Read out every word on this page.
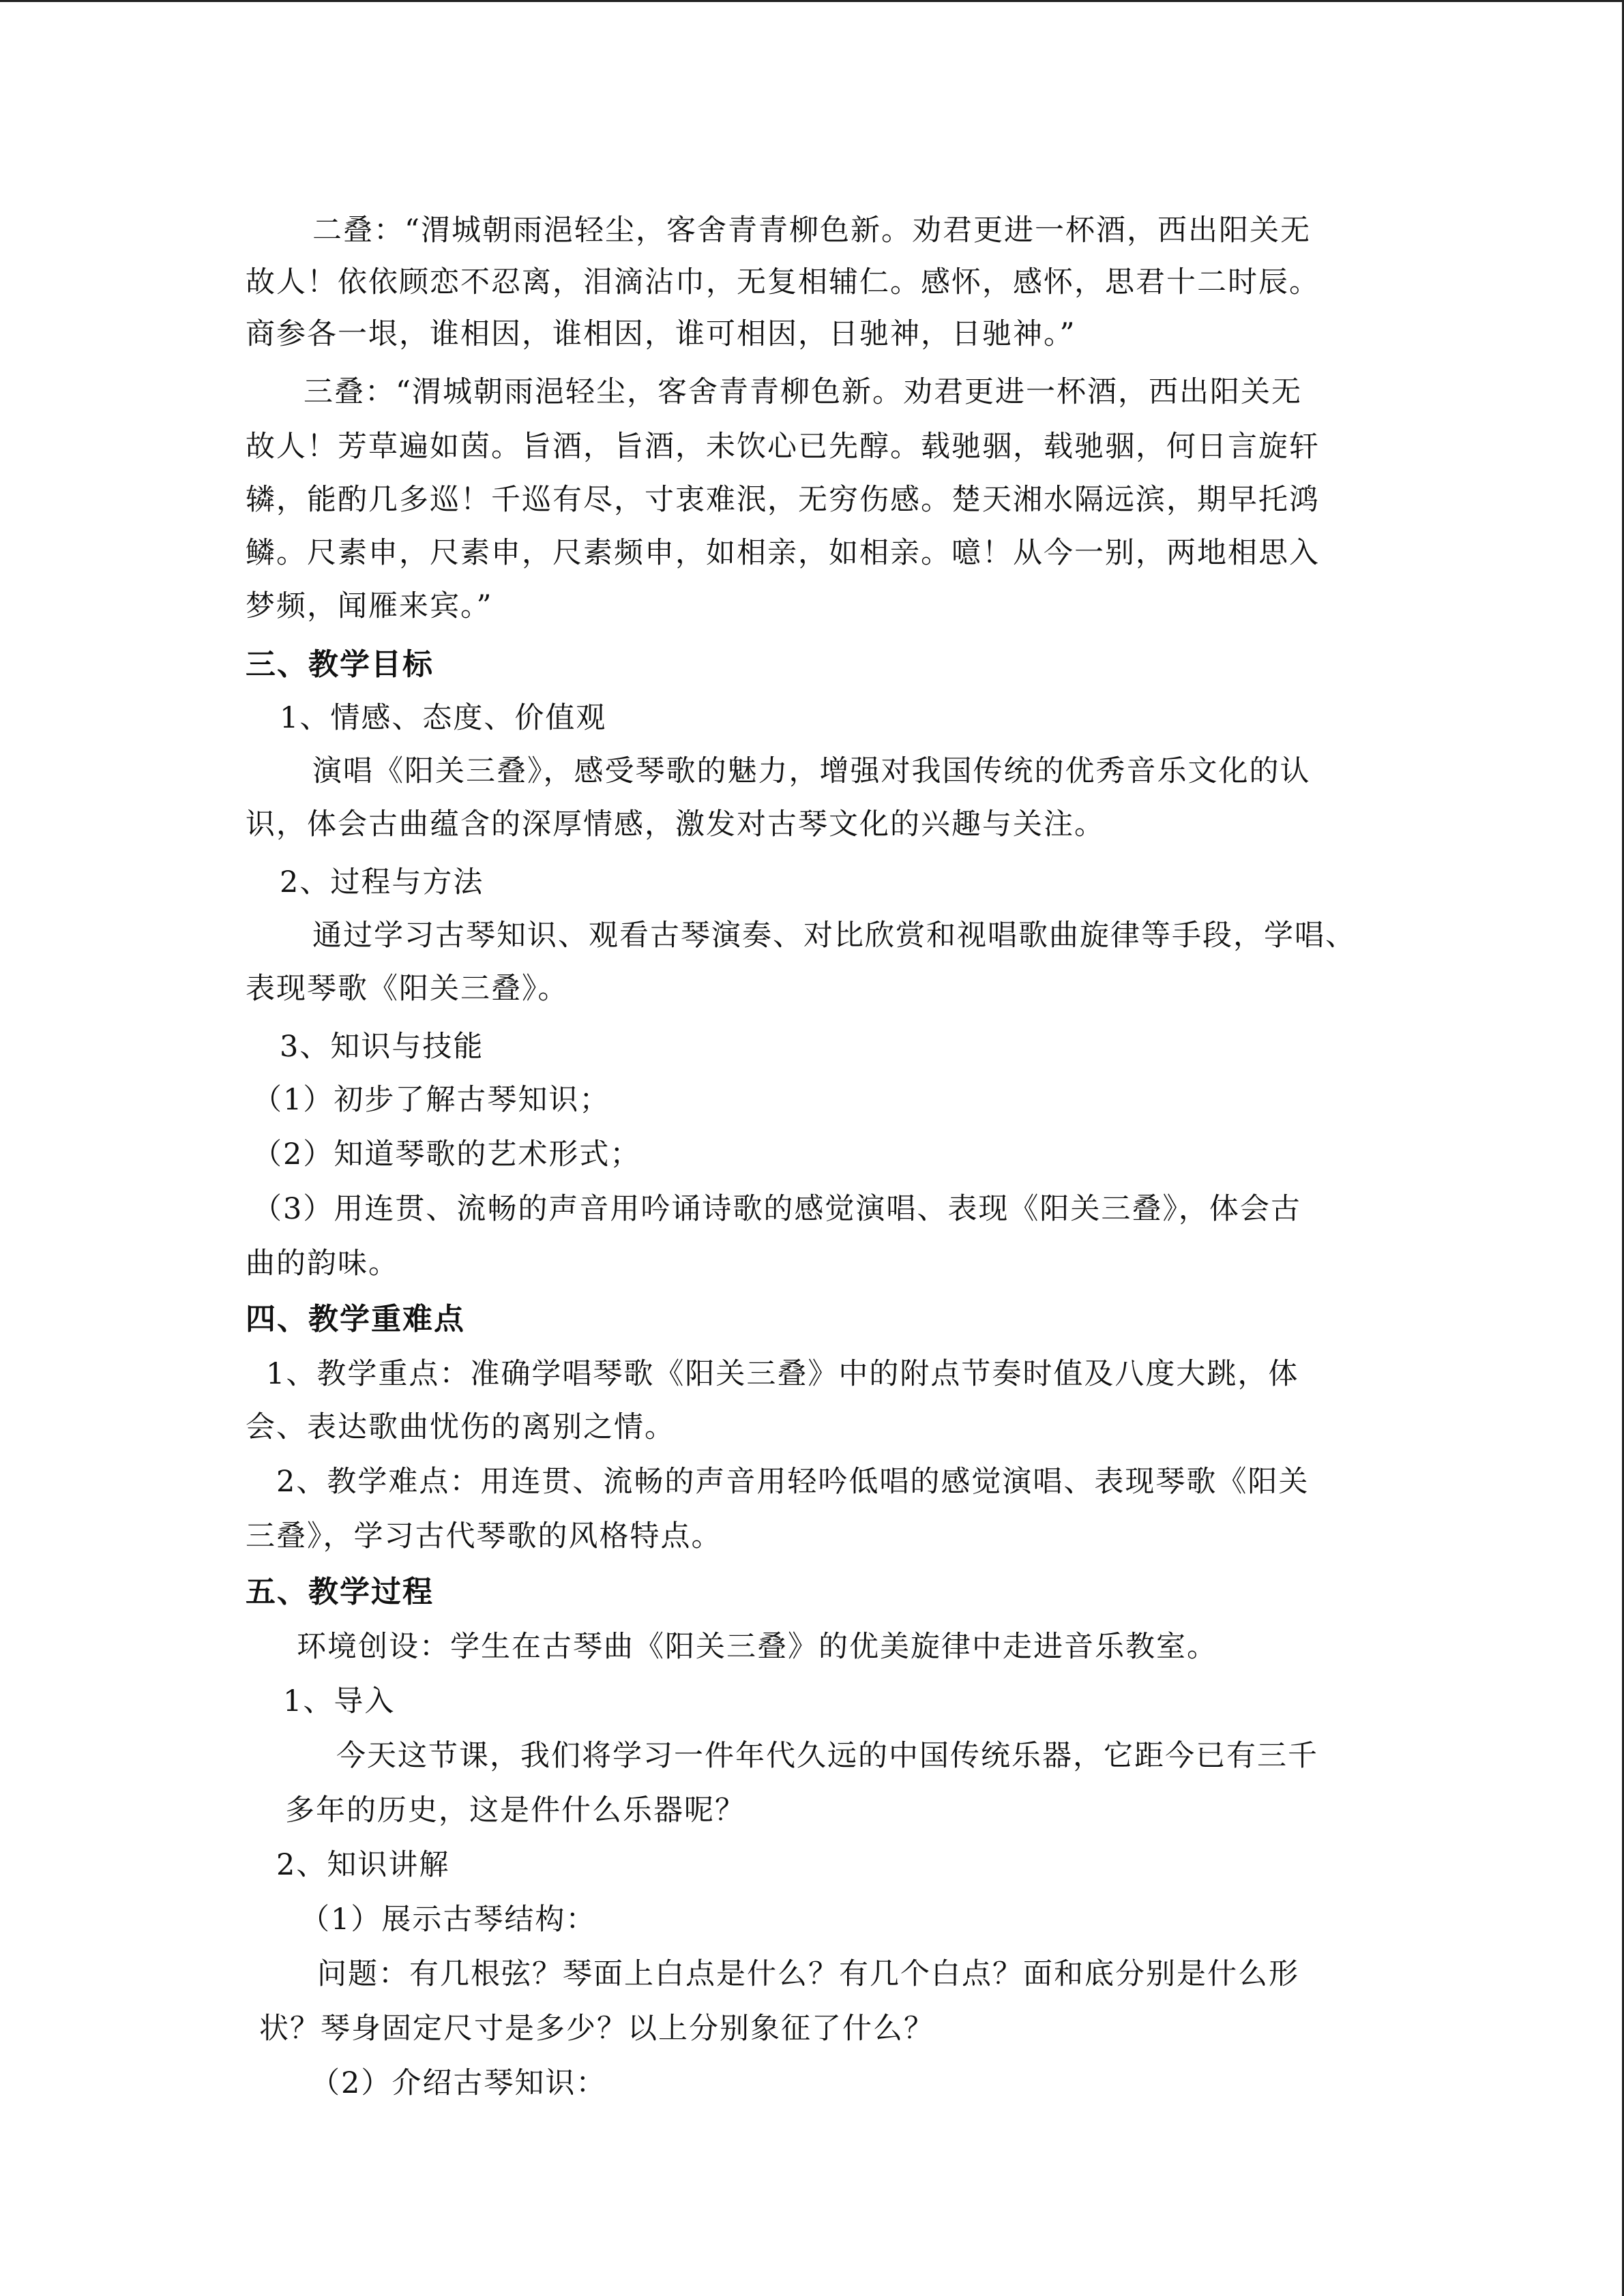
二叠：“渭城朝雨浥轻尘，客舍青青柳色新。劝君更进一杯酒，西出阳关无
故人！依依顾恋不忍离，泪滴沾巾，无复相辅仁。感怀，感怀，思君十二时辰。
商参各一垠，谁相因，谁相因，谁可相因，日驰神，日驰神。”
三叠：“渭城朝雨浥轻尘，客舍青青柳色新。劝君更进一杯酒，西出阳关无
故人！芳草遍如茵。旨酒，旨酒，未饮心已先醇。载驰骃，载驰骃，何日言旋轩
辚，能酌几多巡！千巡有尽，寸衷难泯，无穷伤感。楚天湘水隔远滨，期早托鸿
鳞。尺素申，尺素申，尺素频申，如相亲，如相亲。噫！从今一别，两地相思入
梦频，闻雁来宾。”
三、教学目标
1、情感、态度、价值观
演唱《阳关三叠》，感受琴歌的魅力，增强对我国传统的优秀音乐文化的认
识，体会古曲蕴含的深厚情感，激发对古琴文化的兴趣与关注。
2、过程与方法
通过学习古琴知识、观看古琴演奏、对比欣赏和视唱歌曲旋律等手段，学唱、
表现琴歌《阳关三叠》。
3、知识与技能
（1）初步了解古琴知识；
（2）知道琴歌的艺术形式；
（3）用连贯、流畅的声音用吟诵诗歌的感觉演唱、表现《阳关三叠》，体会古
曲的韵味。
四、教学重难点
1、教学重点：准确学唱琴歌《阳关三叠》中的附点节奏时值及八度大跳，体
会、表达歌曲忧伤的离别之情。
2、教学难点：用连贯、流畅的声音用轻吟低唱的感觉演唱、表现琴歌《阳关
三叠》，学习古代琴歌的风格特点。
五、教学过程
环境创设：学生在古琴曲《阳关三叠》的优美旋律中走进音乐教室。
1、导入
今天这节课，我们将学习一件年代久远的中国传统乐器，它距今已有三千
多年的历史，这是件什么乐器呢？
2、知识讲解
（1）展示古琴结构：
问题：有几根弦？琴面上白点是什么？有几个白点？面和底分别是什么形
状？琴身固定尺寸是多少？以上分别象征了什么？
（2）介绍古琴知识：
